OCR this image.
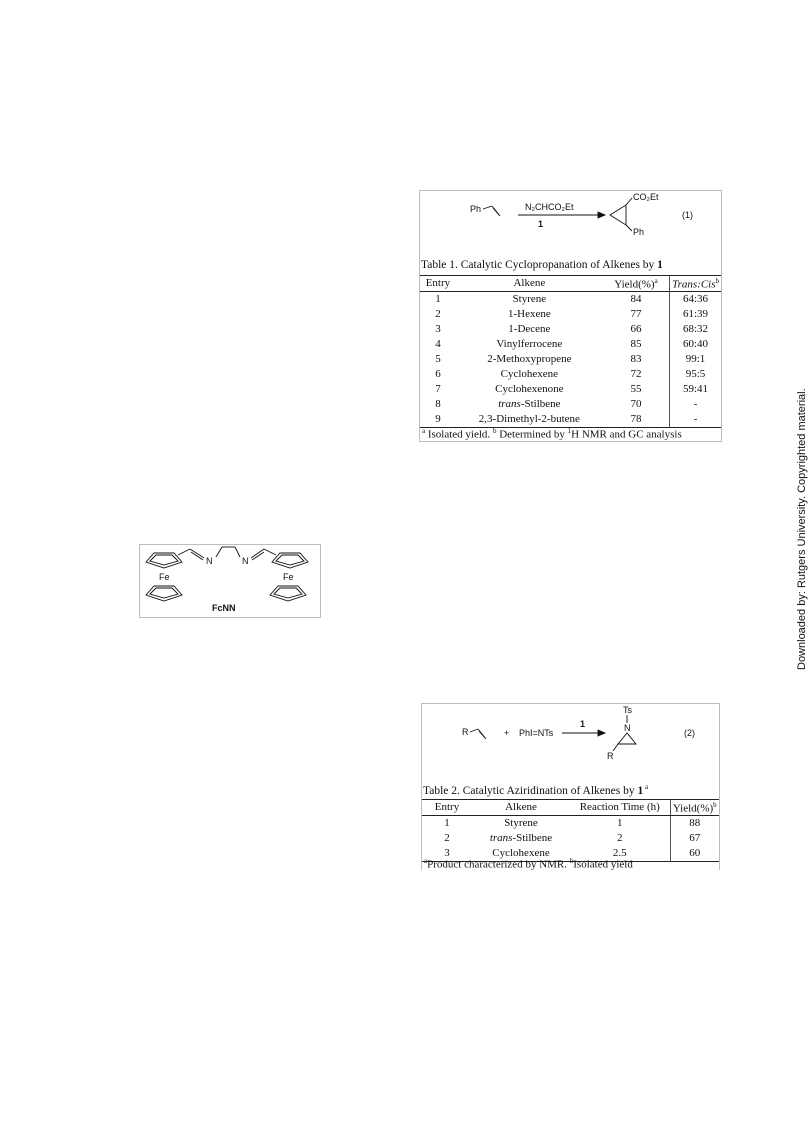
Ph	N₂CHCO₂Et
1
CO₂Et
Ph
(1)
Table 1. Catalytic Cyclopropanation of Alkenes by 1
Entry	Alkene	Yield(%)$^a$	Trans:Cis$^b$
1	Styrene	84	64:36
2	1-Hexene	77	61:39
3	1-Decene	66	68:32
4	Vinylferrocene	85	60:40
5	2-Methoxypropene	83	99:1
6	Cyclohexene	72	95:5
7	Cyclohexenone	55	59:41
8	trans-Stilbene	70	-
9	2,3-Dimethyl-2-butene	78	-
$^a$ Isolated yield. $^b$ Determined by $^1$H NMR and GC analysis
Fe	Fe
N	N
FcNN
R	+ PhI=NTs
1
Ts
N
R
(2)
Table 2. Catalytic Aziridination of Alkenes by 1 $^a$
Entry	Alkene	Reaction Time (h)	Yield(%)$^b$
1	Styrene	1	88
2	trans-Stilbene	2	67
3	Cyclohexene	2.5	60
$^a$Product characterized by NMR. $^b$Isolated yield
Downloaded by: Rutgers University. Copyrighted material.
